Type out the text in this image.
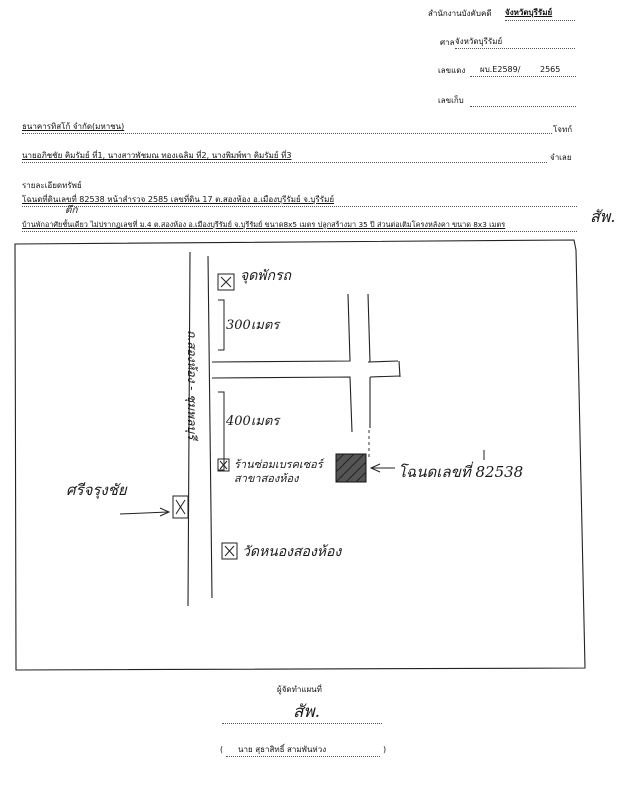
สำนักงานบังคับคดี จังหวัดบุรีรัมย์
ศาล จังหวัดบุรีรัมย์
เลขแดง ผบ.E2589/ 2565
เลขเก็บ
ธนาคารทิสโก้ จำกัด(มหาชน)	โจทก์
นายอภิชชัย คิมรัมย์ ที่1, นางสาวพัชมณ ทองเฉลิม ที่2, นางพิมพ์พา คิมรัมย์ ที่3	จำเลย
รายละเอียดทรัพย์
โฉนดที่ดินเลขที่ 82538 หน้าสำรวจ 2585 เลขที่ดิน 17 ต.สองห้อง อ.เมืองบุรีรัมย์ จ.บุรีรัมย์
ตึก
บ้านพักอาศัยชั้นเดียว ไม่ปรากฏเลขที่ ม.4 ต.สองห้อง อ.เมืองบุรีรัมย์ จ.บุรีรัมย์ ขนาด8x5 เมตร ปลูกสร้างมา 35 ปี ส่วนต่อเติมโครงหลังคา ขนาด 8x3 เมตร	สัพ.
จุดพักรถ
300เมตร
400เมตร
ถ.สองห้อง - ชุมพลบุรี
ร้านซ่อมเบรคเซอร์ สาขาสองห้อง
วัดหนองสองห้อง
ศรีจรุงชัย
โฉนดเลขที่ 82538
ผู้จัดทำแผนที่
สัพ.
( นาย สุธาสิทธิ์ สามพันห่วง	)
